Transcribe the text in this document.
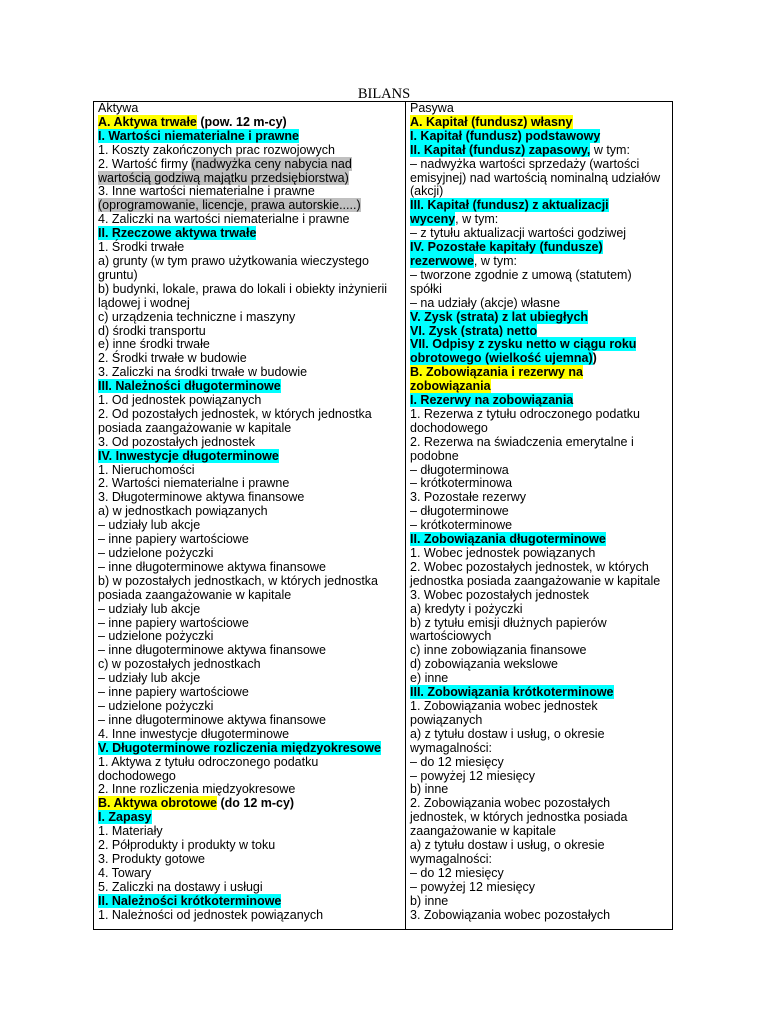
BILANS
Aktywa
A. Aktywa trwałe (pow. 12 m-cy)
I. Wartości niematerialne i prawne
1. Koszty zakończonych prac rozwojowych
2. Wartość firmy (nadwyżka ceny nabycia nad
wartością godziwą majątku przedsiębiorstwa)
3. Inne wartości niematerialne i prawne
(oprogramowanie, licencje, prawa autorskie.....)
4. Zaliczki na wartości niematerialne i prawne
II. Rzeczowe aktywa trwałe
1. Środki trwałe
a) grunty (w tym prawo użytkowania wieczystego
gruntu)
b) budynki, lokale, prawa do lokali i obiekty inżynierii
lądowej i wodnej
c) urządzenia techniczne i maszyny
d) środki transportu
e) inne środki trwałe
2. Środki trwałe w budowie
3. Zaliczki na środki trwałe w budowie
III. Należności długoterminowe
1. Od jednostek powiązanych
2. Od pozostałych jednostek, w których jednostka
posiada zaangażowanie w kapitale
3. Od pozostałych jednostek
IV. Inwestycje długoterminowe
1. Nieruchomości
2. Wartości niematerialne i prawne
3. Długoterminowe aktywa finansowe
a) w jednostkach powiązanych
– udziały lub akcje
– inne papiery wartościowe
– udzielone pożyczki
– inne długoterminowe aktywa finansowe
b) w pozostałych jednostkach, w których jednostka
posiada zaangażowanie w kapitale
– udziały lub akcje
– inne papiery wartościowe
– udzielone pożyczki
– inne długoterminowe aktywa finansowe
c) w pozostałych jednostkach
– udziały lub akcje
– inne papiery wartościowe
– udzielone pożyczki
– inne długoterminowe aktywa finansowe
4. Inne inwestycje długoterminowe
V. Długoterminowe rozliczenia międzyokresowe
1. Aktywa z tytułu odroczonego podatku
dochodowego
2. Inne rozliczenia międzyokresowe
B. Aktywa obrotowe (do 12 m-cy)
I. Zapasy
1. Materiały
2. Półprodukty i produkty w toku
3. Produkty gotowe
4. Towary
5. Zaliczki na dostawy i usługi
II. Należności krótkoterminowe
1. Należności od jednostek powiązanych
Pasywa
A. Kapitał (fundusz) własny
I. Kapitał (fundusz) podstawowy
II. Kapitał (fundusz) zapasowy, w tym:
– nadwyżka wartości sprzedaży (wartości
emisyjnej) nad wartością nominalną udziałów
(akcji)
III. Kapitał (fundusz) z aktualizacji
wyceny, w tym:
– z tytułu aktualizacji wartości godziwej
IV. Pozostałe kapitały (fundusze)
rezerwowe, w tym:
– tworzone zgodnie z umową (statutem)
spółki
– na udziały (akcje) własne
V. Zysk (strata) z lat ubiegłych
VI. Zysk (strata) netto
VII. Odpisy z zysku netto w ciągu roku
obrotowego (wielkość ujemna))
B. Zobowiązania i rezerwy na
zobowiązania
I. Rezerwy na zobowiązania
1. Rezerwa z tytułu odroczonego podatku
dochodowego
2. Rezerwa na świadczenia emerytalne i
podobne
– długoterminowa
– krótkoterminowa
3. Pozostałe rezerwy
– długoterminowe
– krótkoterminowe
II. Zobowiązania długoterminowe
1. Wobec jednostek powiązanych
2. Wobec pozostałych jednostek, w których
jednostka posiada zaangażowanie w kapitale
3. Wobec pozostałych jednostek
a) kredyty i pożyczki
b) z tytułu emisji dłużnych papierów
wartościowych
c) inne zobowiązania finansowe
d) zobowiązania wekslowe
e) inne
III. Zobowiązania krótkoterminowe
1. Zobowiązania wobec jednostek
powiązanych
a) z tytułu dostaw i usług, o okresie
wymagalności:
– do 12 miesięcy
– powyżej 12 miesięcy
b) inne
2. Zobowiązania wobec pozostałych
jednostek, w których jednostka posiada
zaangażowanie w kapitale
a) z tytułu dostaw i usług, o okresie
wymagalności:
– do 12 miesięcy
– powyżej 12 miesięcy
b) inne
3. Zobowiązania wobec pozostałych
